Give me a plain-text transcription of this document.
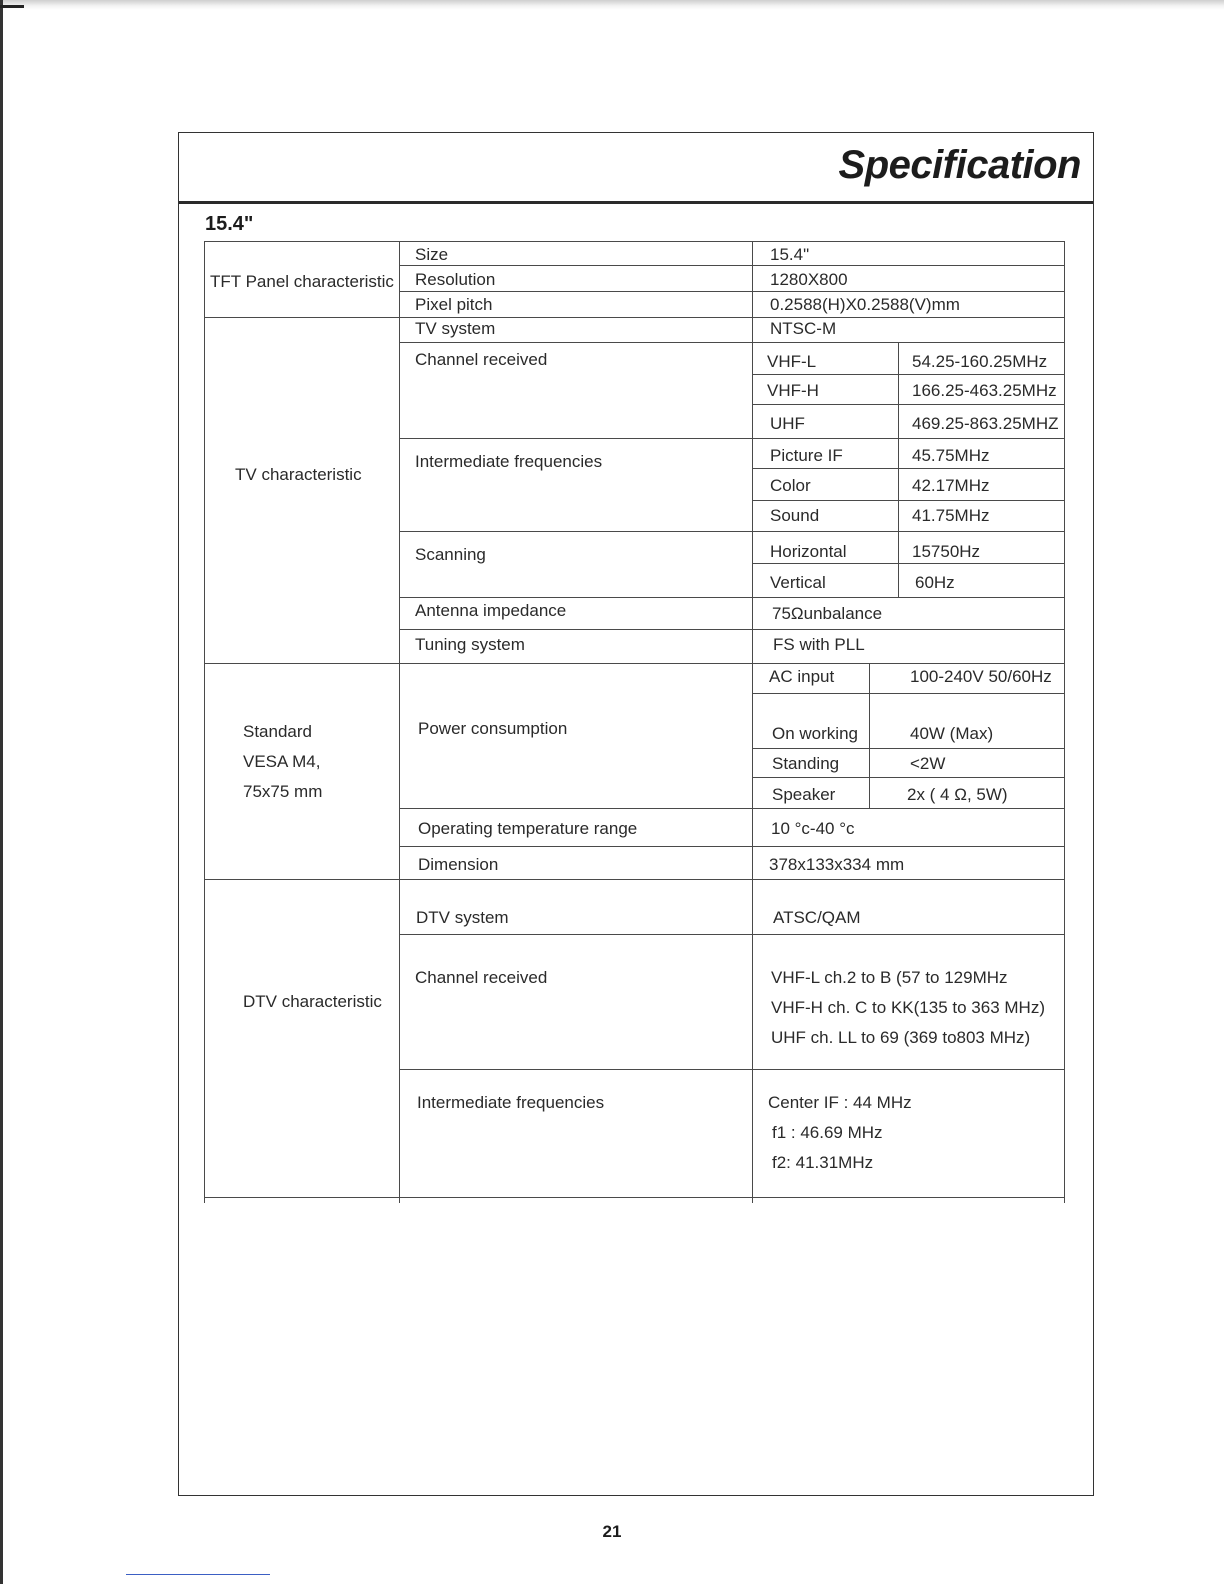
Specification
15.4"
TFT Panel characteristic
Size	15.4"
Resolution	1280X800
Pixel pitch	0.2588(H)X0.2588(V)mm
TV characteristic
TV system	NTSC-M
Channel received	VHF-L	54.25-160.25MHz
VHF-H	166.25-463.25MHz
UHF	469.25-863.25MHZ
Intermediate frequencies	Picture IF	45.75MHz
Color	42.17MHz
Sound	41.75MHz
Scanning	Horizontal	15750Hz
Vertical	60Hz
Antenna impedance	75Ωunbalance
Tuning system	FS with PLL
Standard
VESA M4,
75x75 mm
Power consumption
AC input	100-240V 50/60Hz
On working	40W (Max)
Standing	<2W
Speaker	2x ( 4 Ω, 5W)
Operating temperature range	10 °c-40 °c
Dimension	378x133x334 mm
DTV characteristic
DTV system	ATSC/QAM
Channel received	VHF-L ch.2 to B (57 to 129MHz
VHF-H ch. C to KK(135 to 363 MHz)
UHF ch. LL to 69 (369 to803 MHz)
Intermediate frequencies	Center IF : 44 MHz
f1 : 46.69 MHz
f2: 41.31MHz
21
